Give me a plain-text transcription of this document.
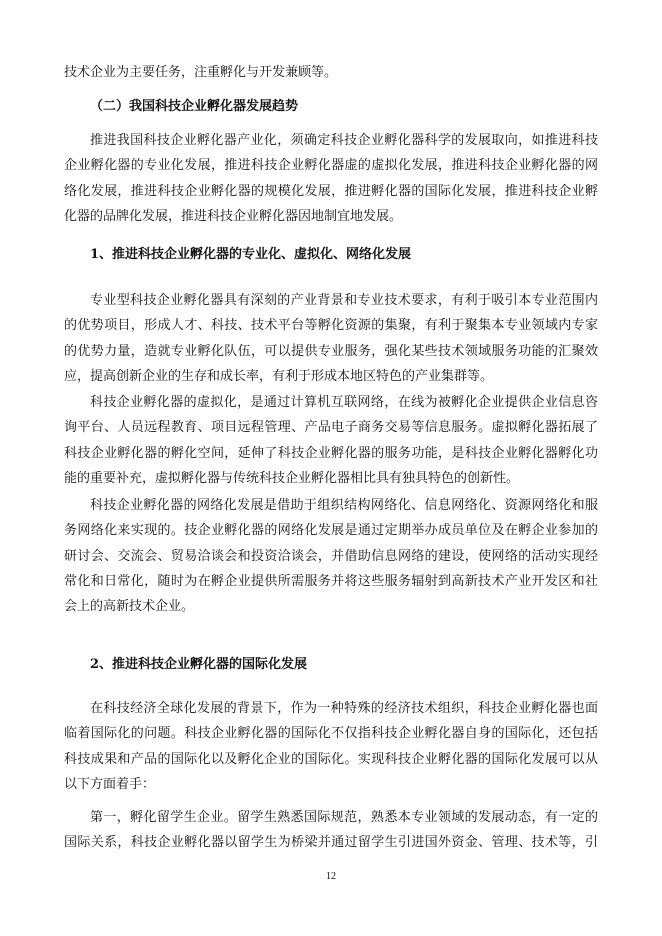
技术企业为主要任务，注重孵化与开发兼顾等。
（二）我国科技企业孵化器发展趋势
推进我国科技企业孵化器产业化，须确定科技企业孵化器科学的发展取向，如推进科技
企业孵化器的专业化发展，推进科技企业孵化器虚的虚拟化发展，推进科技企业孵化器的网
络化发展，推进科技企业孵化器的规模化发展，推进孵化器的国际化发展，推进科技企业孵
化器的品牌化发展，推进科技企业孵化器因地制宜地发展。
1、推进科技企业孵化器的专业化、虚拟化、网络化发展
专业型科技企业孵化器具有深刻的产业背景和专业技术要求，有利于吸引本专业范围内
的优势项目，形成人才、科技、技术平台等孵化资源的集聚，有利于聚集本专业领域内专家
的优势力量，造就专业孵化队伍，可以提供专业服务，强化某些技术领域服务功能的汇聚效
应，提高创新企业的生存和成长率，有利于形成本地区特色的产业集群等。
科技企业孵化器的虚拟化，是通过计算机互联网络，在线为被孵化企业提供企业信息咨
询平台、人员远程教育、项目远程管理、产品电子商务交易等信息服务。虚拟孵化器拓展了
科技企业孵化器的孵化空间，延伸了科技企业孵化器的服务功能，是科技企业孵化器孵化功
能的重要补充，虚拟孵化器与传统科技企业孵化器相比具有独具特色的创新性。
科技企业孵化器的网络化发展是借助于组织结构网络化、信息网络化、资源网络化和服
务网络化来实现的。技企业孵化器的网络化发展是通过定期举办成员单位及在孵企业参加的
研讨会、交流会、贸易洽谈会和投资洽谈会，并借助信息网络的建设，使网络的活动实现经
常化和日常化，随时为在孵企业提供所需服务并将这些服务辐射到高新技术产业开发区和社
会上的高新技术企业。
2、推进科技企业孵化器的国际化发展
在科技经济全球化发展的背景下，作为一种特殊的经济技术组织，科技企业孵化器也面
临着国际化的问题。科技企业孵化器的国际化不仅指科技企业孵化器自身的国际化，还包括
科技成果和产品的国际化以及孵化企业的国际化。实现科技企业孵化器的国际化发展可以从
以下方面着手：
第一，孵化留学生企业。留学生熟悉国际规范，熟悉本专业领域的发展动态，有一定的
国际关系，科技企业孵化器以留学生为桥梁并通过留学生引进国外资金、管理、技术等，引
12
